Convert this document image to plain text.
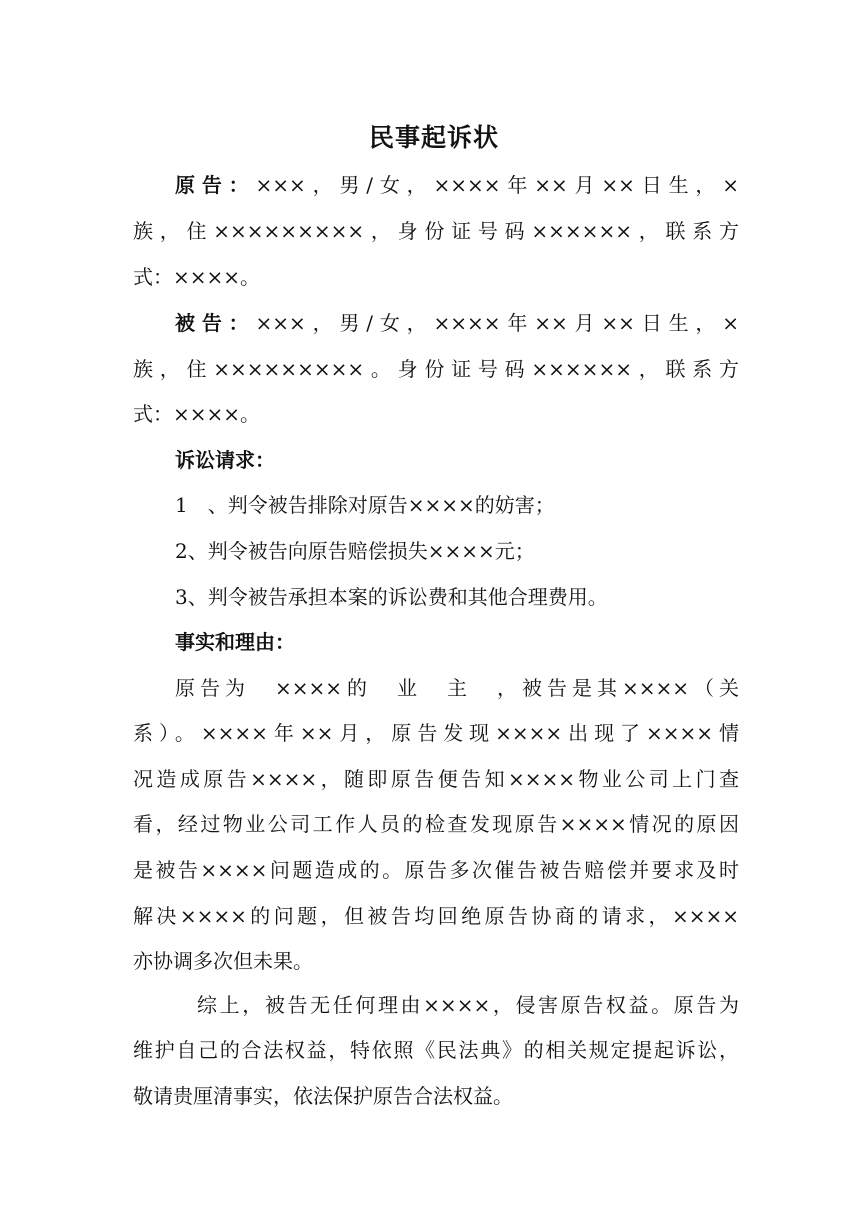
民事起诉状
原告：×××，男/女，××××年××月××日生，×
族，住×××××××××，身份证号码××××××，联系方
式：××××。
被告：×××，男/女，××××年××月××日生，×
族，住×××××××××。身份证号码××××××，联系方
式：××××。
诉讼请求：
1　、判令被告排除对原告××××的妨害；
2、判令被告向原告赔偿损失××××元；
3、判令被告承担本案的诉讼费和其他合理费用。
事实和理由：
原告为　××××的　业　主　，被告是其××××（关
系）。××××年××月，原告发现××××出现了××××情
况造成原告××××，随即原告便告知××××物业公司上门查
看，经过物业公司工作人员的检查发现原告××××情况的原因
是被告××××问题造成的。原告多次催告被告赔偿并要求及时
解决××××的问题，但被告均回绝原告协商的请求，××××
亦协调多次但未果。
综上，被告无任何理由××××，侵害原告权益。原告为
维护自己的合法权益，特依照《民法典》的相关规定提起诉讼，
敬请贵厘清事实，依法保护原告合法权益。
